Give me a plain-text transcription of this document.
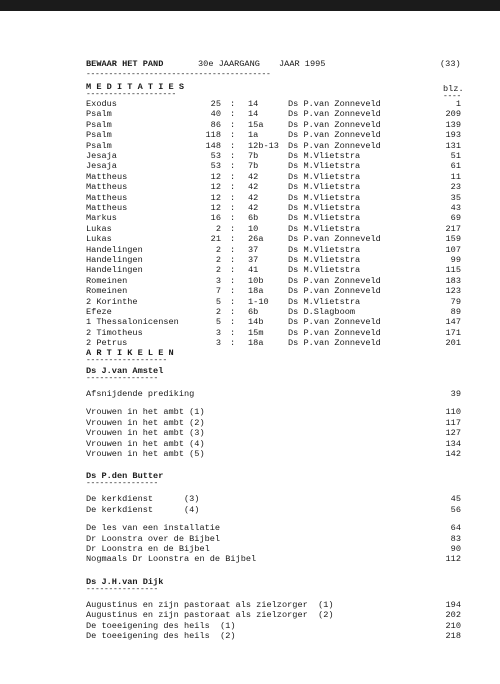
BEWAAR HET PAND	30e JAARGANG JAAR 1995	(33)
-----------------------------------------
M E D I T A T I E S	blz.
--------------------	----
A R T I K E L E N
------------------
Exodus	25 : 14	Ds P.van Zonneveld	1
Psalm	40 : 14	Ds P.van Zonneveld	209
Psalm	86 : 15a	Ds P.van Zonneveld	139
Psalm	118 : 1a	Ds P.van Zonneveld	193
Psalm	148 : 12b-13 Ds P.van Zonneveld	131
Jesaja	53 : 7b	Ds M.Vlietstra	51
Jesaja	53 : 7b	Ds M.Vlietstra	61
Mattheus	12 : 42	Ds M.Vlietstra	11
Mattheus	12 : 42	Ds M.Vlietstra	23
Mattheus	12 : 42	Ds M.Vlietstra	35
Mattheus	12 : 42	Ds M.Vlietstra	43
Markus	16 : 6b	Ds M.Vlietstra	69
Lukas	2 : 10	Ds M.Vlietstra	217
Lukas	21 : 26a	Ds P.van Zonneveld	159
Handelingen	2 : 37	Ds M.Vlietstra	107
Handelingen	2 : 37	Ds M.Vlietstra	99
Handelingen	2 : 41	Ds M.Vlietstra	115
Romeinen	3 : 10b	Ds P.van Zonneveld	183
Romeinen	7 : 18a	Ds P.van Zonneveld	123
2 Korinthe	5 : 1-10 Ds M.Vlietstra	79
Efeze	2 : 6b	Ds D.Slagboom	89
1 Thessalonicensen	5 : 14b	Ds P.van Zonneveld	147
2 Timotheus	3 : 15m	Ds P.van Zonneveld	171
2 Petrus	3 : 18a	Ds P.van Zonneveld	201
Ds J.van Amstel
----------------
Afsnijdende prediking	39
Vrouwen in het ambt (1)	110
Vrouwen in het ambt (2)	117
Vrouwen in het ambt (3)	127
Vrouwen in het ambt (4)	134
Vrouwen in het ambt (5)	142
Ds P.den Butter
----------------
De kerkdienst      (3)	45
De kerkdienst      (4)	56
De les van een installatie	64
Dr Loonstra over de Bijbel	83
Dr Loonstra en de Bijbel	90
Nogmaals Dr Loonstra en de Bijbel	112
Ds J.H.van Dijk
----------------
Augustinus en zijn pastoraat als zielzorger  (1)	194
Augustinus en zijn pastoraat als zielzorger  (2)	202
De toeeigening des heils  (1)	210
De toeeigening des heils  (2)	218
